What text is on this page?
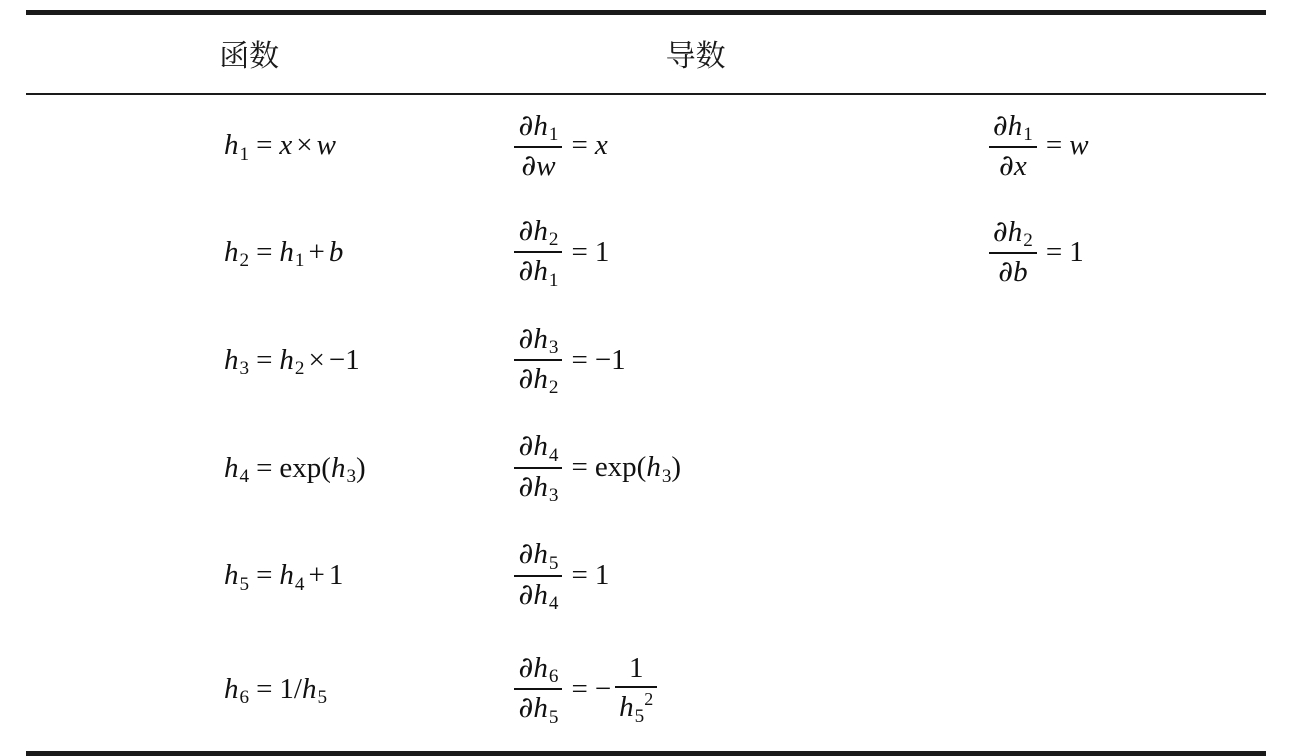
函数	导数	
$h_1 = x \times w$	$\frac{\partial h_1}{\partial w} = x$	$\frac{\partial h_1}{\partial x} = w$
$h_2 = h_1 + b$	$\frac{\partial h_2}{\partial h_1} = 1$	$\frac{\partial h_2}{\partial b} = 1$
$h_3 = h_2 \times -1$	$\frac{\partial h_3}{\partial h_2} = -1$	
$h_4 = \exp(h_3)$	$\frac{\partial h_4}{\partial h_3} = \exp(h_3)$	
$h_5 = h_4 + 1$	$\frac{\partial h_5}{\partial h_4} = 1$	
$h_6 = 1/h_5$	$\frac{\partial h_6}{\partial h_5}$ = − $\frac{1}{h_5^2}$
